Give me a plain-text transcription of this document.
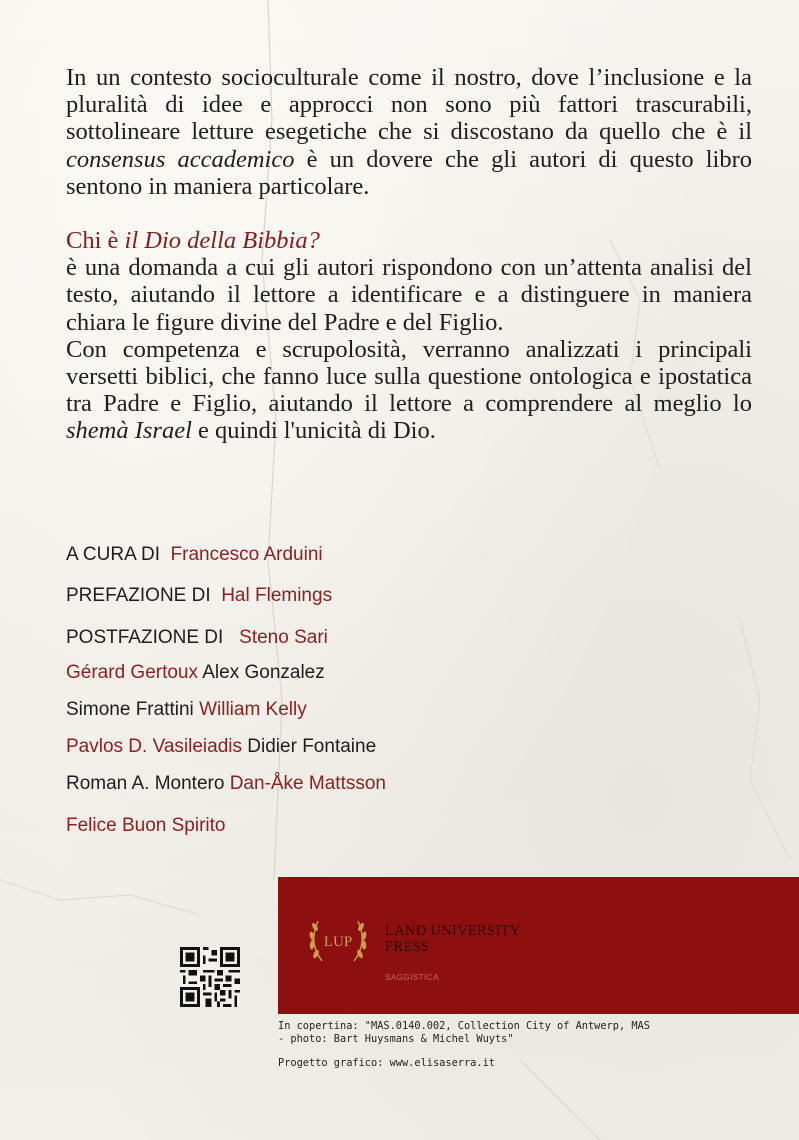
In un contesto socioculturale come il nostro, dove l’inclusione e la pluralità di idee e approcci non sono più fattori trascurabili, sottolineare letture esegetiche che si discostano da quello che è il consensus accademico è un dovere che gli autori di questo libro sentono in maniera particolare.

Chi è il Dio della Bibbia?

è una domanda a cui gli autori rispondono con un’attenta analisi del testo, aiutando il lettore a identificare e a distinguere in maniera chiara le figure divine del Padre e del Figlio.

Con competenza e scrupolosità, verranno analizzati i principali versetti biblici, che fanno luce sulla questione ontologica e ipostatica tra Padre e Figlio, aiutando il lettore a comprendere al meglio lo shemà Israel e quindi l'unicità di Dio.

A CURA DI Francesco Arduini
PREFAZIONE DI Hal Flemings
POSTFAZIONE DI Steno Sari
Gérard Gertoux Alex Gonzalez
Simone Frattini William Kelly
Pavlos D. Vasileiadis Didier Fontaine
Roman A. Montero Dan-Åke Mattsson
Felice Buon Spirito
LUP
LAND UNIVERSITY
PRESS
SAGGISTICA

In copertina: "MAS.0140.002, Collection City of Antwerp, MAS

- photo: Bart Huysmans & Michel Wuyts"

Progetto grafico: www.elisaserra.it
